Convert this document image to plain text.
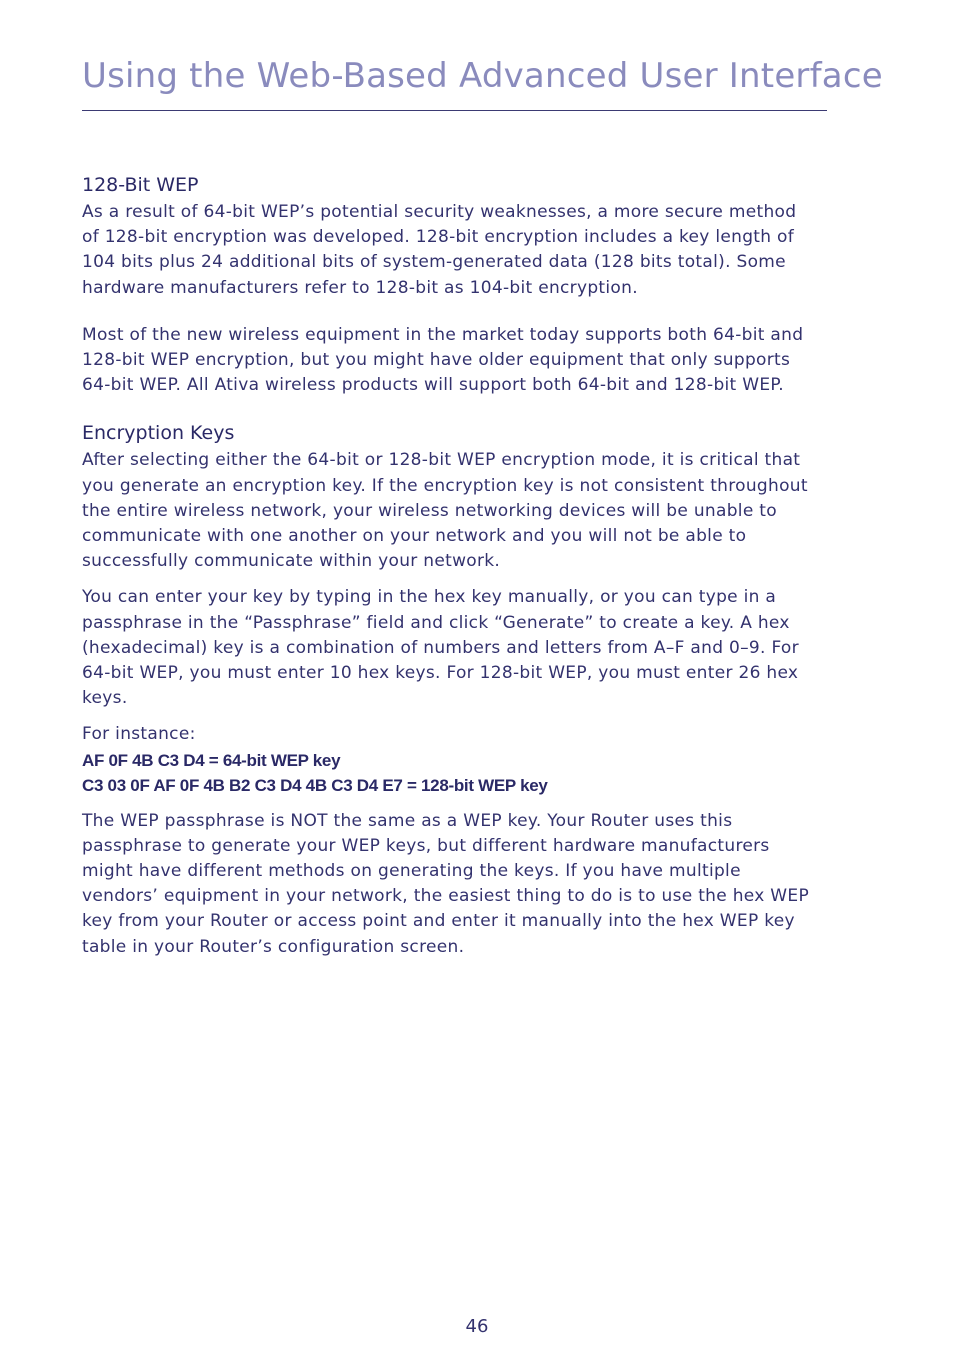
Using the Web-Based Advanced User Interface
128-Bit WEP

As a result of 64-bit WEP’s potential security weaknesses, a more secure method of 128-bit encryption was developed. 128-bit encryption includes a key length of 104 bits plus 24 additional bits of system-generated data (128 bits total). Some hardware manufacturers refer to 128-bit as 104-bit encryption.

Most of the new wireless equipment in the market today supports both 64-bit and 128-bit WEP encryption, but you might have older equipment that only supports 64-bit WEP. All Ativa wireless products will support both 64-bit and 128-bit WEP.

Encryption Keys

After selecting either the 64-bit or 128-bit WEP encryption mode, it is critical that you generate an encryption key. If the encryption key is not consistent throughout the entire wireless network, your wireless networking devices will be unable to communicate with one another on your network and you will not be able to successfully communicate within your network.

You can enter your key by typing in the hex key manually, or you can type in a passphrase in the “Passphrase” field and click “Generate” to create a key. A hex (hexadecimal) key is a combination of numbers and letters from A–F and 0–9. For 64-bit WEP, you must enter 10 hex keys. For 128-bit WEP, you must enter 26 hex keys.

For instance:

AF 0F 4B C3 D4 = 64-bit WEP key

C3 03 0F AF 0F 4B B2 C3 D4 4B C3 D4 E7 = 128-bit WEP key

The WEP passphrase is NOT the same as a WEP key. Your Router uses this passphrase to generate your WEP keys, but different hardware manufacturers might have different methods on generating the keys. If you have multiple vendors’ equipment in your network, the easiest thing to do is to use the hex WEP key from your Router or access point and enter it manually into the hex WEP key table in your Router’s configuration screen.

46
